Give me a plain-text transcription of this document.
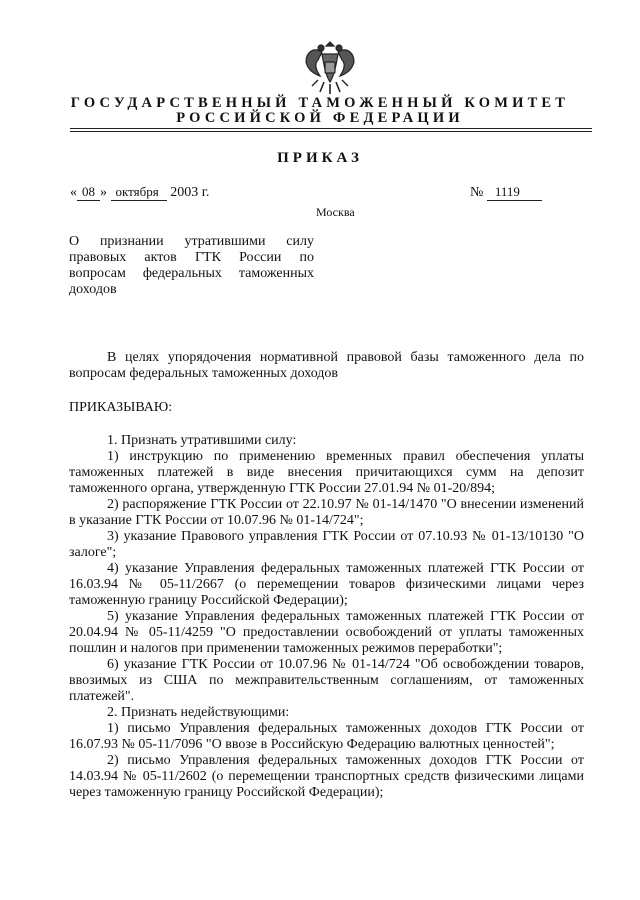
ГОСУДАРСТВЕННЫЙ ТАМОЖЕННЫЙ КОМИТЕТ
РОССИЙСКОЙ ФЕДЕРАЦИИ
ПРИКАЗ
« 08 » октября 2003 г.	№ 1119
Москва
О признании утратившими силу
правовых актов ГТК России по
вопросам федеральных таможенных
доходов

В целях упорядочения нормативной правовой базы таможенного дела по вопросам федеральных таможенных доходов

ПРИКАЗЫВАЮ:

1. Признать утратившими силу:

1) инструкцию по применению временных правил обеспечения уплаты таможенных платежей в виде внесения причитающихся сумм на депозит таможенного органа, утвержденную ГТК России 27.01.94 № 01-20/894;

2) распоряжение ГТК России от 22.10.97 № 01-14/1470 "О внесении изменений в указание ГТК России от 10.07.96 № 01-14/724";

3) указание Правового управления ГТК России от 07.10.93 № 01-13/10130 "О залоге";

4) указание Управления федеральных таможенных платежей ГТК России от 16.03.94 № 05-11/2667 (о перемещении товаров физическими лицами через таможенную границу Российской Федерации);

5) указание Управления федеральных таможенных платежей ГТК России от 20.04.94 № 05-11/4259 "О предоставлении освобождений от уплаты таможенных пошлин и налогов при применении таможенных режимов переработки";

6) указание ГТК России от 10.07.96 № 01-14/724 "Об освобождении товаров, ввозимых из США по межправительственным соглашениям, от таможенных платежей".

2. Признать недействующими:

1) письмо Управления федеральных таможенных доходов ГТК России от 16.07.93 № 05-11/7096 "О ввозе в Российскую Федерацию валютных ценностей";

2) письмо Управления федеральных таможенных доходов ГТК России от 14.03.94 № 05-11/2602 (о перемещении транспортных средств физическими лицами через таможенную границу Российской Федерации);
